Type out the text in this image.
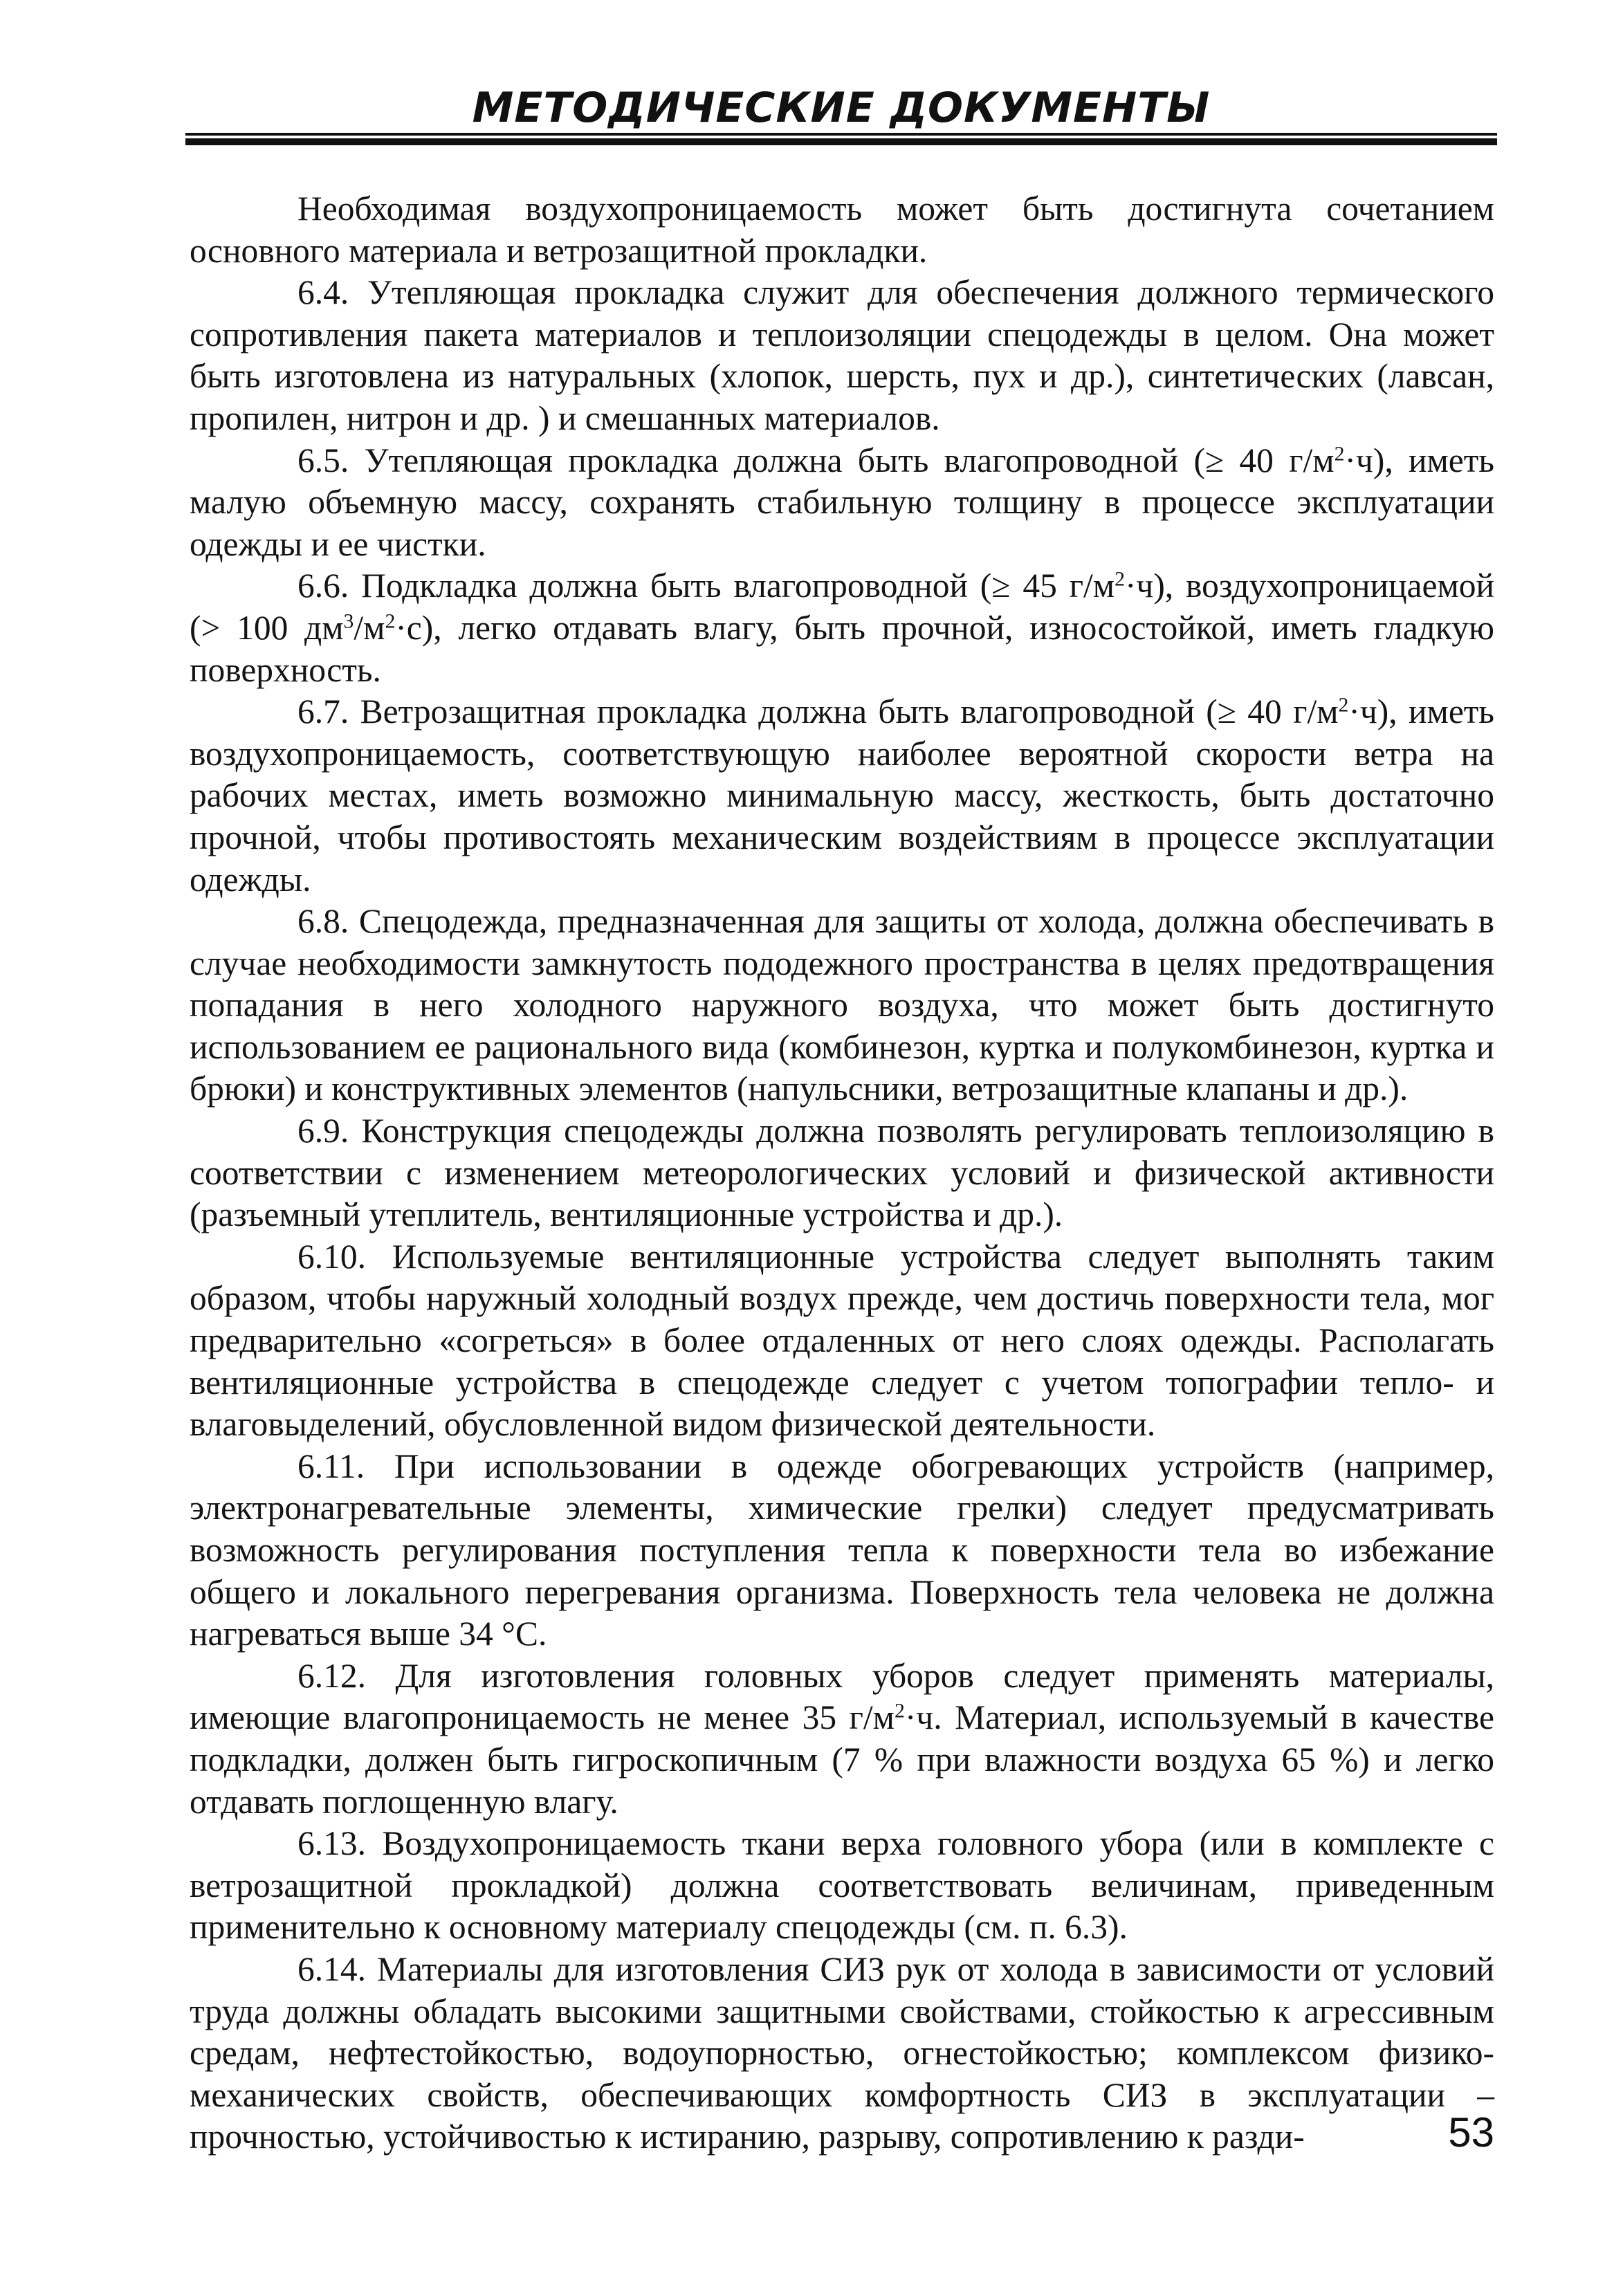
МЕТОДИЧЕСКИЕ ДОКУМЕНТЫ

Необходимая воздухопроницаемость может быть достигнута сочетанием основного материала и ветрозащитной прокладки.

6.4. Утепляющая прокладка служит для обеспечения должного термического сопротивления пакета материалов и теплоизоляции спецодежды в целом. Она может быть изготовлена из натуральных (хлопок, шерсть, пух и др.), синтетических (лавсан, пропилен, нитрон и др. ) и смешанных материалов.

6.5. Утепляющая прокладка должна быть влагопроводной (≥ 40 $г/м^2\cdot ч$), иметь малую объемную массу, сохранять стабильную толщину в процессе эксплуатации одежды и ее чистки.

6.6. Подкладка должна быть влагопроводной (≥ 45 $г/м^2\cdot ч$), воздухопроницаемой (> 100 $дм^3/м^2\cdot с$), легко отдавать влагу, быть прочной, износостойкой, иметь гладкую поверхность.

6.7. Ветрозащитная прокладка должна быть влагопроводной (≥ 40 $г/м^2\cdot ч$), иметь воздухопроницаемость, соответствующую наиболее вероятной скорости ветра на рабочих местах, иметь возможно минимальную массу, жесткость, быть достаточно прочной, чтобы противостоять механическим воздействиям в процессе эксплуатации одежды.

6.8. Спецодежда, предназначенная для защиты от холода, должна обеспечивать в случае необходимости замкнутость пододежного пространства в целях предотвращения попадания в него холодного наружного воздуха, что может быть достигнуто использованием ее рационального вида (комбинезон, куртка и полукомбинезон, куртка и брюки) и конструктивных элементов (напульсники, ветрозащитные клапаны и др.).

6.9. Конструкция спецодежды должна позволять регулировать теплоизоляцию в соответствии с изменением метеорологических условий и физической активности (разъемный утеплитель, вентиляционные устройства и др.).

6.10. Используемые вентиляционные устройства следует выполнять таким образом, чтобы наружный холодный воздух прежде, чем достичь поверхности тела, мог предварительно «согреться» в более отдаленных от него слоях одежды. Располагать вентиляционные устройства в спецодежде следует с учетом топографии тепло- и влаговыделений, обусловленной видом физической деятельности.

6.11. При использовании в одежде обогревающих устройств (например, электронагревательные элементы, химические грелки) следует предусматривать возможность регулирования поступления тепла к поверхности тела во избежание общего и локального перегревания организма. Поверхность тела человека не должна нагреваться выше 34 °С.

6.12. Для изготовления головных уборов следует применять материалы, имеющие влагопроницаемость не менее 35 $г/м^2\cdot ч$. Материал, используемый в качестве подкладки, должен быть гигроскопичным (7 % при влажности воздуха 65 %) и легко отдавать поглощенную влагу.

6.13. Воздухопроницаемость ткани верха головного убора (или в комплекте с ветрозащитной прокладкой) должна соответствовать величинам, приведенным применительно к основному материалу спецодежды (см. п. 6.3).

6.14. Материалы для изготовления СИЗ рук от холода в зависимости от условий труда должны обладать высокими защитными свойствами, стойкостью к агрессивным средам, нефтестойкостью, водоупорностью, огнестойкостью; комплексом физико-механических свойств, обеспечивающих комфортность СИЗ в эксплуатации – прочностью, устойчивостью к истиранию, разрыву, сопротивлению к разди-	53
